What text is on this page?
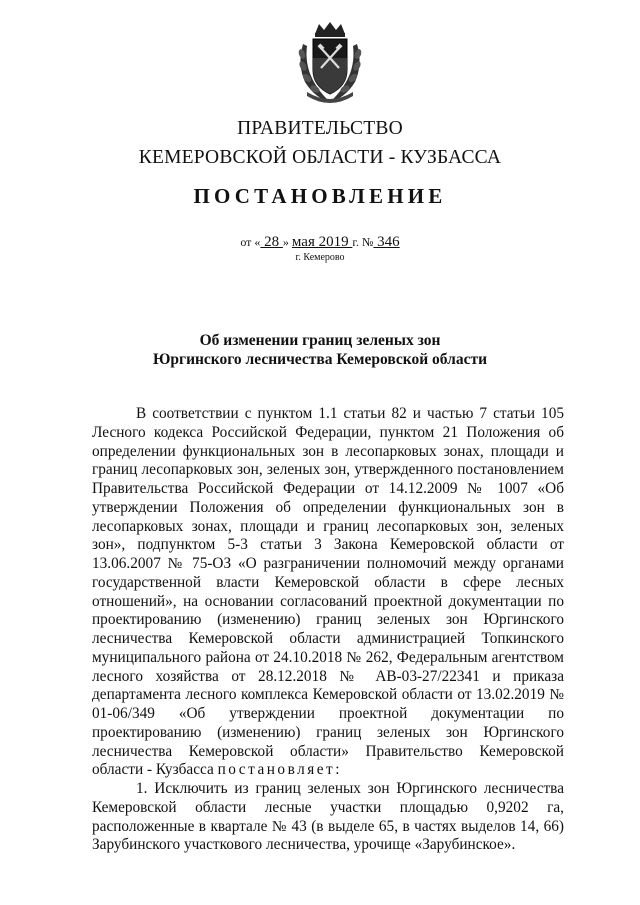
ПРАВИТЕЛЬСТВО
КЕМЕРОВСКОЙ ОБЛАСТИ - КУЗБАССА
ПОСТАНОВЛЕНИЕ
от « 28 » мая 2019 г. № 346
г. Кемерово
Об изменении границ зеленых зон
Юргинского лесничества Кемеровской области

В соответствии с пунктом 1.1 статьи 82 и частью 7 статьи 105 Лесного кодекса Российской Федерации, пунктом 21 Положения об определении функциональных зон в лесопарковых зонах, площади и границ лесопарковых зон, зеленых зон, утвержденного постановлением Правительства Российской Федерации от 14.12.2009 № 1007 «Об утверждении Положения об определении функциональных зон в лесопарковых зонах, площади и границ лесопарковых зон, зеленых зон», подпунктом 5-3 статьи 3 Закона Кемеровской области от 13.06.2007 № 75-ОЗ «О разграничении полномочий между органами государственной власти Кемеровской области в сфере лесных отношений», на основании согласований проектной документации по проектированию (изменению) границ зеленых зон Юргинского лесничества Кемеровской области администрацией Топкинского муниципального района от 24.10.2018 № 262, Федеральным агентством лесного хозяйства от 28.12.2018 № АВ-03-27/22341 и приказа департамента лесного комплекса Кемеровской области от 13.02.2019 № 01-06/349 «Об утверждении проектной документации по проектированию (изменению) границ зеленых зон Юргинского лесничества Кемеровской области» Правительство Кемеровской области - Кузбасса постановляет:

1. Исключить из границ зеленых зон Юргинского лесничества Кемеровской области лесные участки площадью 0,9202 га, расположенные в квартале № 43 (в выделе 65, в частях выделов 14, 66) Зарубинского участкового лесничества, урочище «Зарубинское».
